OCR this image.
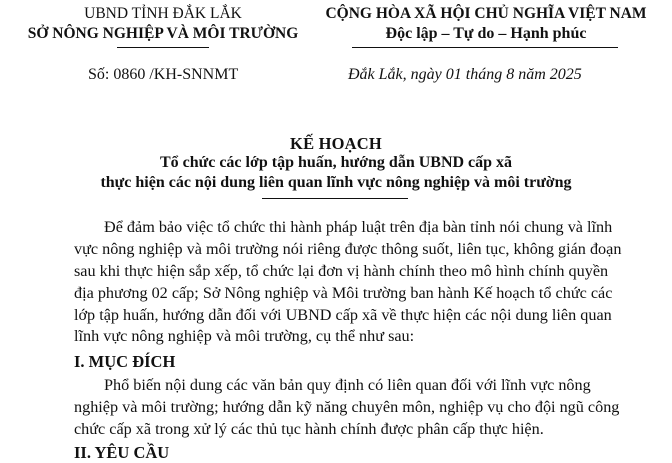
UBND TỈNH ĐẮK LẮK
SỞ NÔNG NGHIỆP VÀ MÔI TRƯỜNG
CỘNG HÒA XÃ HỘI CHỦ NGHĨA VIỆT NAM
Độc lập – Tự do – Hạnh phúc
Số: 0860 /KH-SNNMT	Đắk Lắk, ngày 01 tháng 8 năm 2025
KẾ HOẠCH
Tổ chức các lớp tập huấn, hướng dẫn UBND cấp xã
thực hiện các nội dung liên quan lĩnh vực nông nghiệp và môi trường
Để đảm bảo việc tổ chức thi hành pháp luật trên địa bàn tỉnh nói chung và lĩnh
vực nông nghiệp và môi trường nói riêng được thông suốt, liên tục, không gián đoạn
sau khi thực hiện sắp xếp, tổ chức lại đơn vị hành chính theo mô hình chính quyền
địa phương 02 cấp; Sở Nông nghiệp và Môi trường ban hành Kế hoạch tổ chức các
lớp tập huấn, hướng dẫn đối với UBND cấp xã về thực hiện các nội dung liên quan
lĩnh vực nông nghiệp và môi trường, cụ thể như sau:
I. MỤC ĐÍCH
Phổ biến nội dung các văn bản quy định có liên quan đối với lĩnh vực nông
nghiệp và môi trường; hướng dẫn kỹ năng chuyên môn, nghiệp vụ cho đội ngũ công
chức cấp xã trong xử lý các thủ tục hành chính được phân cấp thực hiện.
II. YÊU CẦU
